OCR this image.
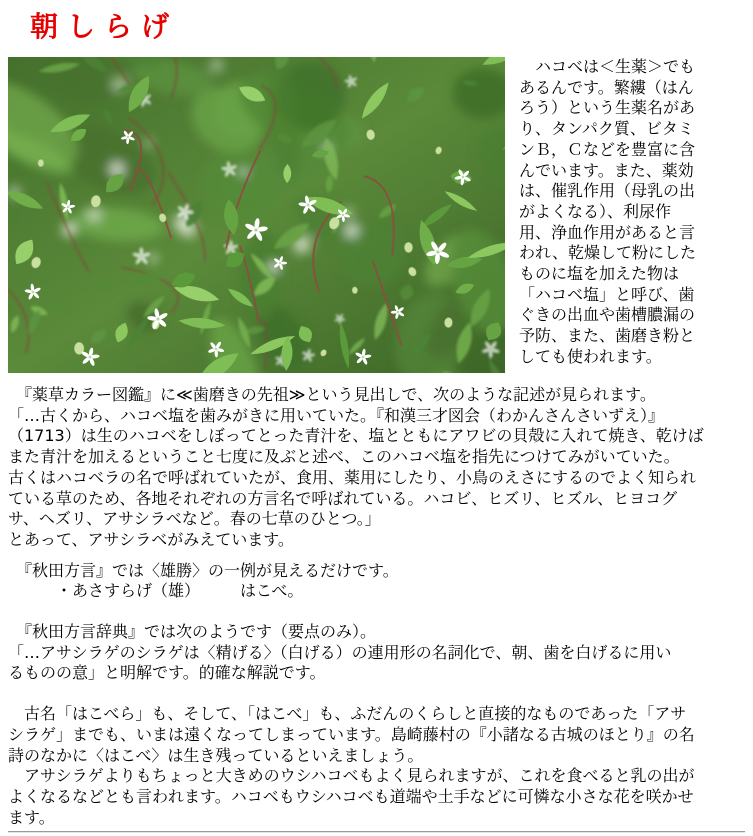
朝しらげ
　ハコベは＜生薬＞でも
あるんです。繁縷（はん
ろう）という生薬名があ
り、タンパク質、ビタミ
ンＢ，Ｃなどを豊富に含
んでいます。また、薬効
は、催乳作用（母乳の出
がよくなる）、利尿作
用、浄血作用があると言
われ、乾燥して粉にした
ものに塩を加えた物は
「ハコベ塩」と呼び、歯
ぐきの出血や歯槽膿漏の
予防、また、歯磨き粉と
しても使われます。
　『薬草カラー図鑑』に≪歯磨きの先祖≫という見出しで、次のような記述が見られます。
「…古くから、ハコベ塩を歯みがきに用いていた。『和漢三才図会（わかんさんさいずえ）』
（1713）は生のハコベをしぼってとった青汁を、塩とともにアワビの貝殻に入れて焼き、乾けば
また青汁を加えるということ七度に及ぶと述べ、このハコベ塩を指先につけてみがいていた。
古くはハコベラの名で呼ばれていたが、食用、薬用にしたり、小鳥のえさにするのでよく知られ
ている草のため、各地それぞれの方言名で呼ばれている。ハコビ、ヒズリ、ヒズル、ヒヨコグ
サ、ヘズリ、アサシラベなど。春の七草のひとつ。」
とあって、アサシラベがみえています。
　『秋田方言』では〈雄勝〉の一例が見えるだけです。
　　　・あさすらげ（雄）　　　はこべ。
　『秋田方言辞典』では次のようです（要点のみ）。
「…アサシラゲのシラゲは〈精げる〉（白げる）の連用形の名詞化で、朝、歯を白げるに用い
るものの意」と明解です。的確な解説です。
　古名「はこべら」も、そして、「はこべ」も、ふだんのくらしと直接的なものであった「アサ
シラゲ」までも、いまは遠くなってしまっています。島崎藤村の『小諸なる古城のほとり』の名
詩のなかに〈はこべ〉は生き残っているといえましょう。
　アサシラゲよりもちょっと大きめのウシハコベもよく見られますが、これを食べると乳の出が
よくなるなどとも言われます。ハコベもウシハコベも道端や土手などに可憐な小さな花を咲かせ
ます。
